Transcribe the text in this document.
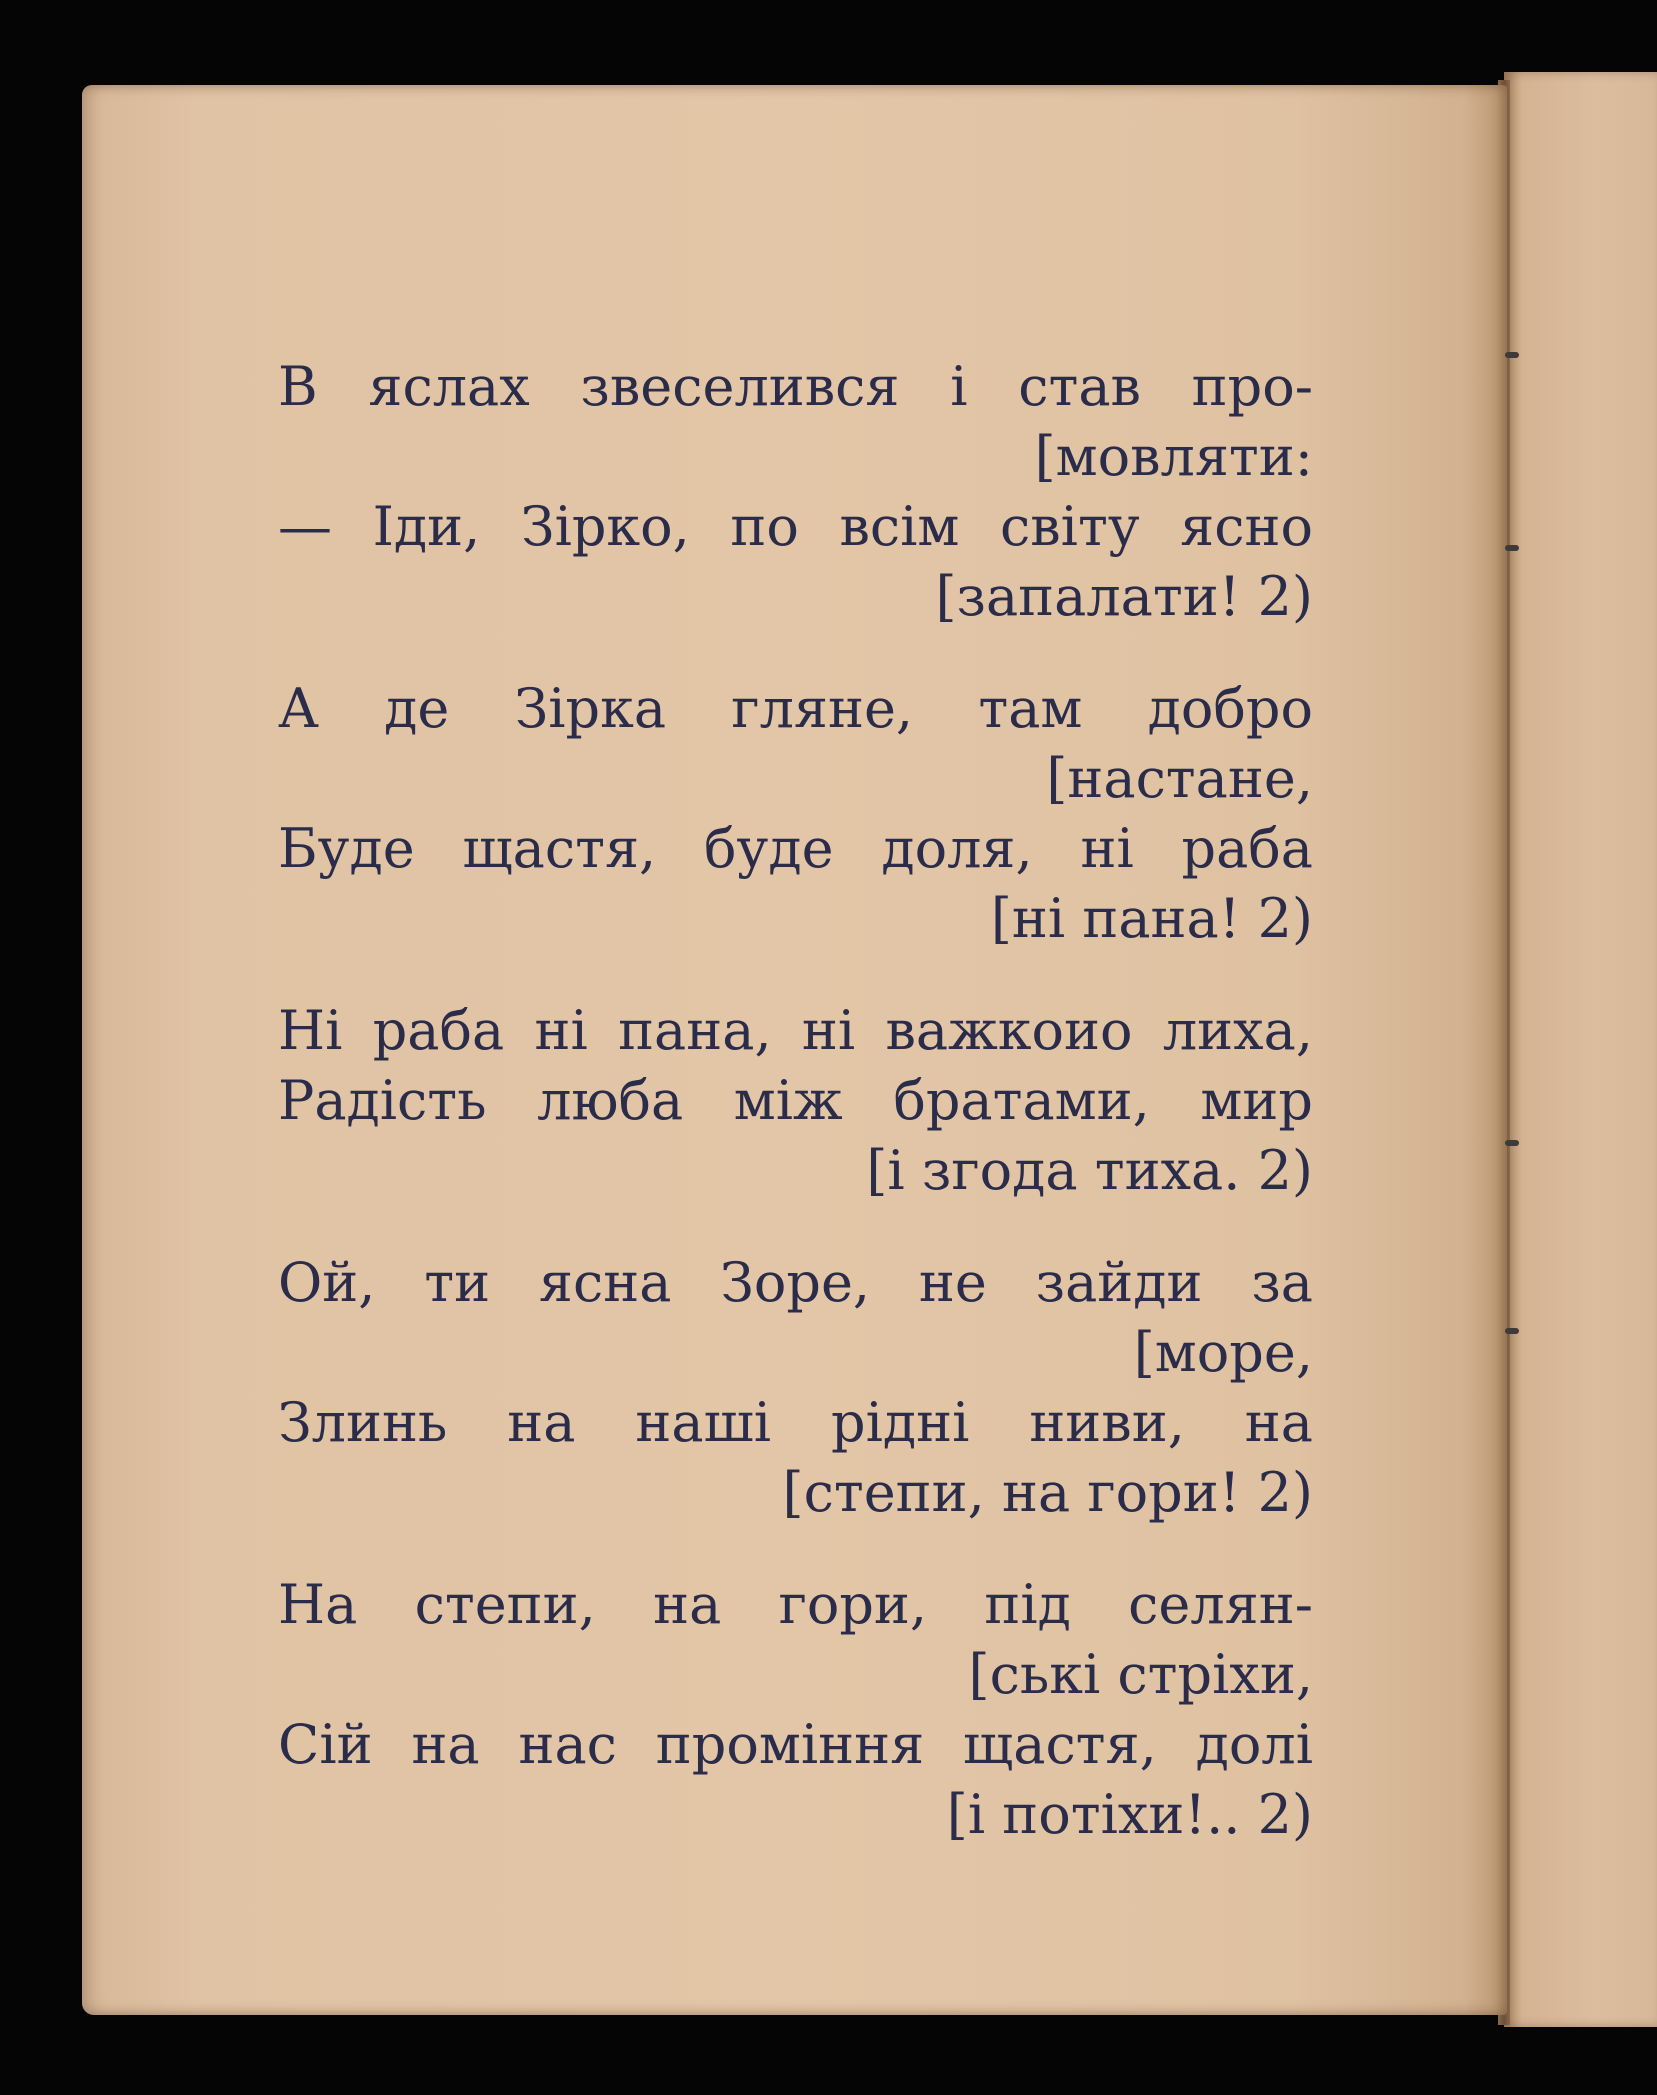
В яслах звеселився і став про-
[мовляти:
— Іди, Зірко, по всім світу ясно
[запалати! 2)
А де Зірка гляне, там добро
[настане,
Буде щастя, буде доля, ні раба
[ні пана! 2)
Ні раба ні пана, ні важкоио лиха,
Радість люба між братами, мир
[і згода тиха. 2)
Ой, ти ясна Зоре, не зайди за
[море,
Злинь на наші рідні ниви, на
[степи, на гори! 2)
На степи, на гори, під селян-
[ські стріхи,
Сій на нас проміння щастя, долі
[і потіхи!.. 2)
